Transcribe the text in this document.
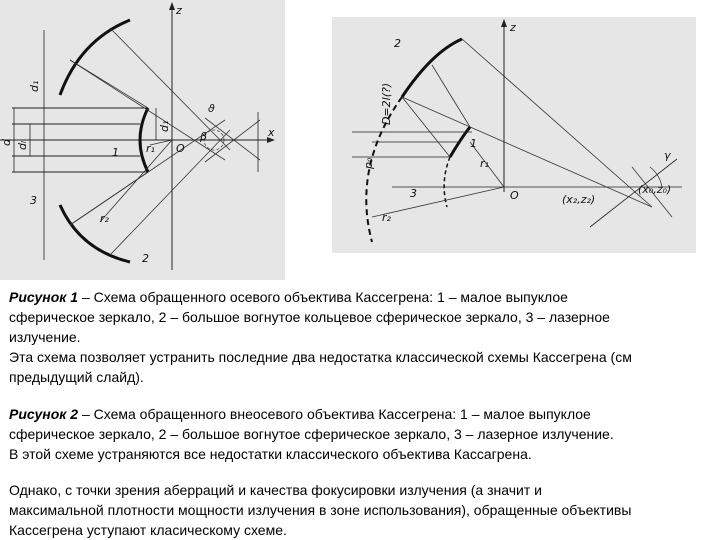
z
x
d₁
dₗ
d
d₁
r₁
r₂
1
2
3
ϑ
β
O
z
2
1
3
D=2l(?)
p₀	r₁
r₂
O
γ
(x₂,z₂)
(x₀,z₀)

Рисунок 1 – Схема обращенного осевого объектива Кассегрена: 1 – малое выпуклое

сферическое зеркало, 2 – большое вогнутое кольцевое сферическое зеркало, 3 – лазерное

излучение.

Эта схема позволяет устранить последние два недостатка классической схемы Кассегрена (см

предыдущий слайд).

Рисунок 2 – Схема обращенного внеосевого объектива Кассегрена: 1 – малое выпуклое

сферическое зеркало, 2 – большое вогнутое сферическое зеркало, 3 – лазерное излучение.

В этой схеме устраняются все недостатки классического объектива Кассагрена.

Однако, с точки зрения аберраций и качества фокусировки излучения (а значит и

максимальной плотности мощности излучения в зоне использования), обращенные объективы

Кассегрена уступают класическому схеме.
